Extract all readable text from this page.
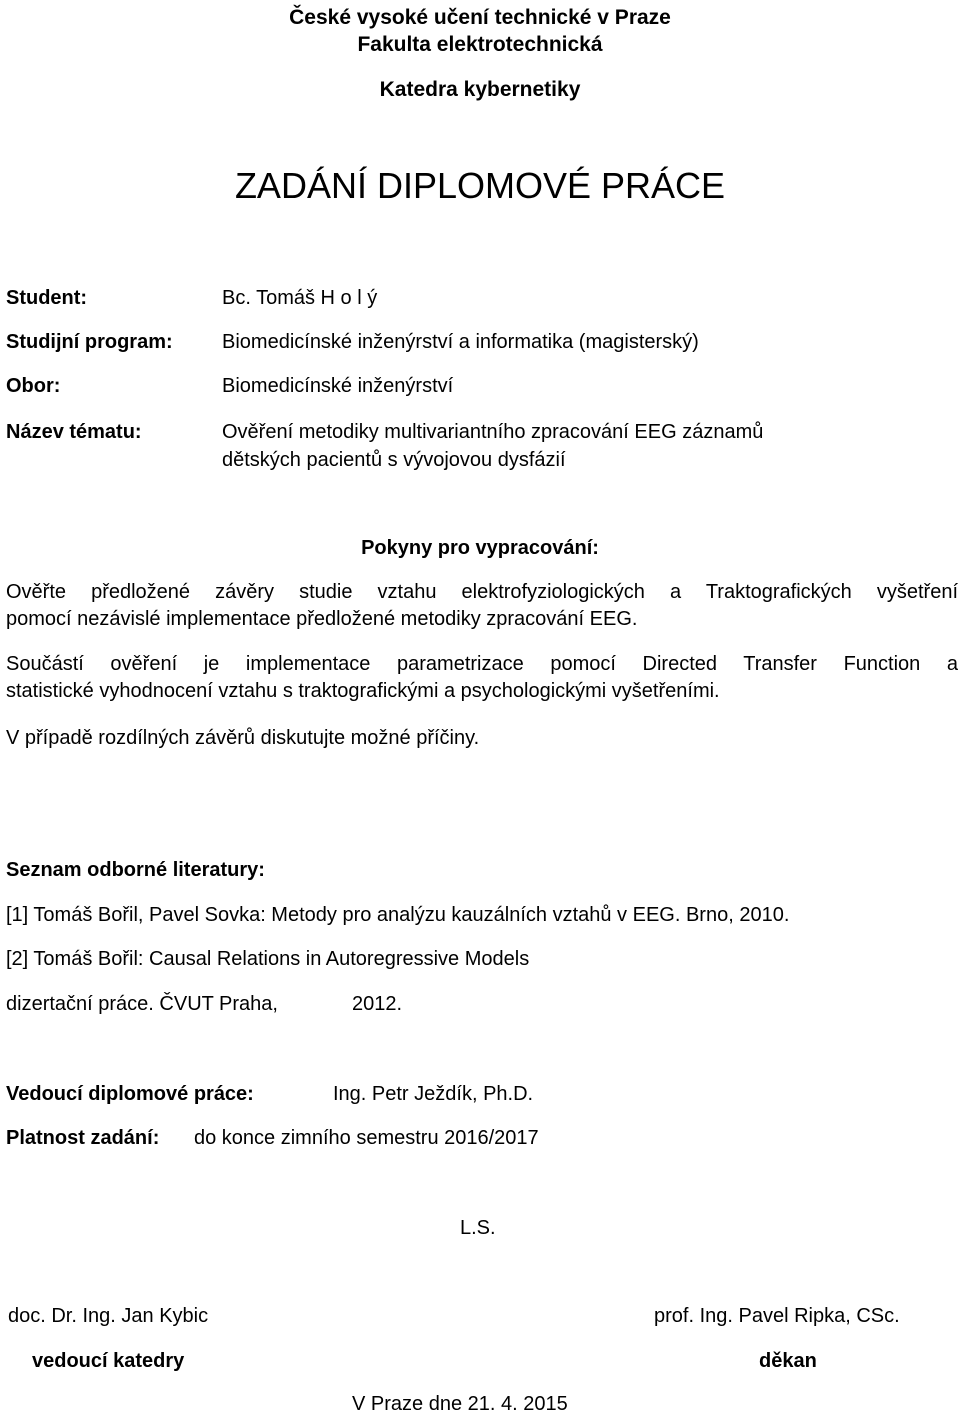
České vysoké učení technické v Praze
Fakulta elektrotechnická
Katedra kybernetiky
ZADÁNÍ DIPLOMOVÉ PRÁCE
Student:	Bc. Tomáš H o l ý
Studijní program: Biomedicínské inženýrství a informatika (magisterský)
Obor:	Biomedicínské inženýrství
Název tématu:	Ověření metodiky multivariantního zpracování EEG záznamů
dětských pacientů s vývojovou dysfázií
Pokyny pro vypracování:
Ověřte předložené závěry studie vztahu elektrofyziologických a Traktografických vyšetření
pomocí nezávislé implementace předložené metodiky zpracování EEG.
Součástí ověření je implementace parametrizace pomocí Directed Transfer Function a
statistické vyhodnocení vztahu s traktografickými a psychologickými vyšetřeními.
V případě rozdílných závěrů diskutujte možné příčiny.
Seznam odborné literatury:
[1] Tomáš Bořil, Pavel Sovka: Metody pro analýzu kauzálních vztahů v EEG. Brno, 2010.
[2] Tomáš Bořil: Causal Relations in Autoregressive Models
dizertační práce. ČVUT Praha,	2012.
Vedoucí diplomové práce:	Ing. Petr Ježdík, Ph.D.
Platnost zadání: do konce zimního semestru 2016/2017
L.S.
doc. Dr. Ing. Jan Kybic
vedoucí katedry
prof. Ing. Pavel Ripka, CSc.
děkan
V Praze dne 21. 4. 2015
